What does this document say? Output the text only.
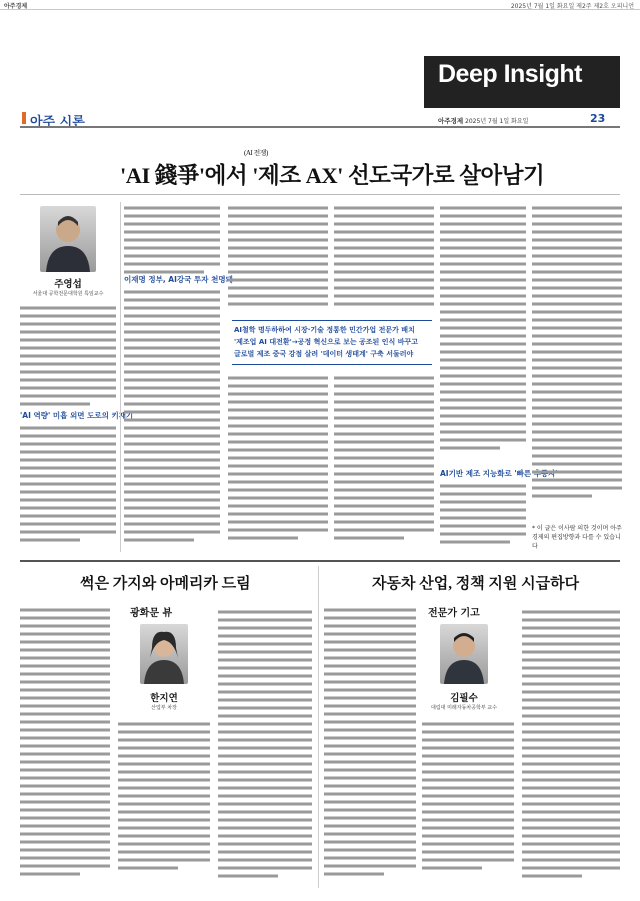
아주경제	2025년 7월 1일 화요일 제2주 제2호 오피니언
Deep Insight
아주 시론	아주경제 2025년 7월 1일 화요일	23
(AI 전쟁)
'AI 錢爭'에서 '제조 AX' 선도국가로 살아남기
주영섭
서울대 공학전문대학원 특임교수
'AI 역량' 미흡 외면 도로의 키재기
이재명 정부, AI강국 투자 천명돼
AI철학 명두하하여 시장·기술 정통한 민간가업 전문가 배치
'제조업 AI 대전환'→공정 혁신으로 보는 공조된 인식 바꾸고
글로벌 제조 중국 강점 살려 '데이터 생태계' 구축 서둘러야
AI기반 제조 지능화로 '빠른 추종자'
* 이 글은 이사람 의한 것이며 아주경제의 편집방향과 다를 수 있습니다
썩은 가지와 아메리카 드림
광화문 뷰
한지연
산업부 차장
자동차 산업, 정책 지원 시급하다
전문가 기고
김필수
대림대 미래자동차공학부 교수
